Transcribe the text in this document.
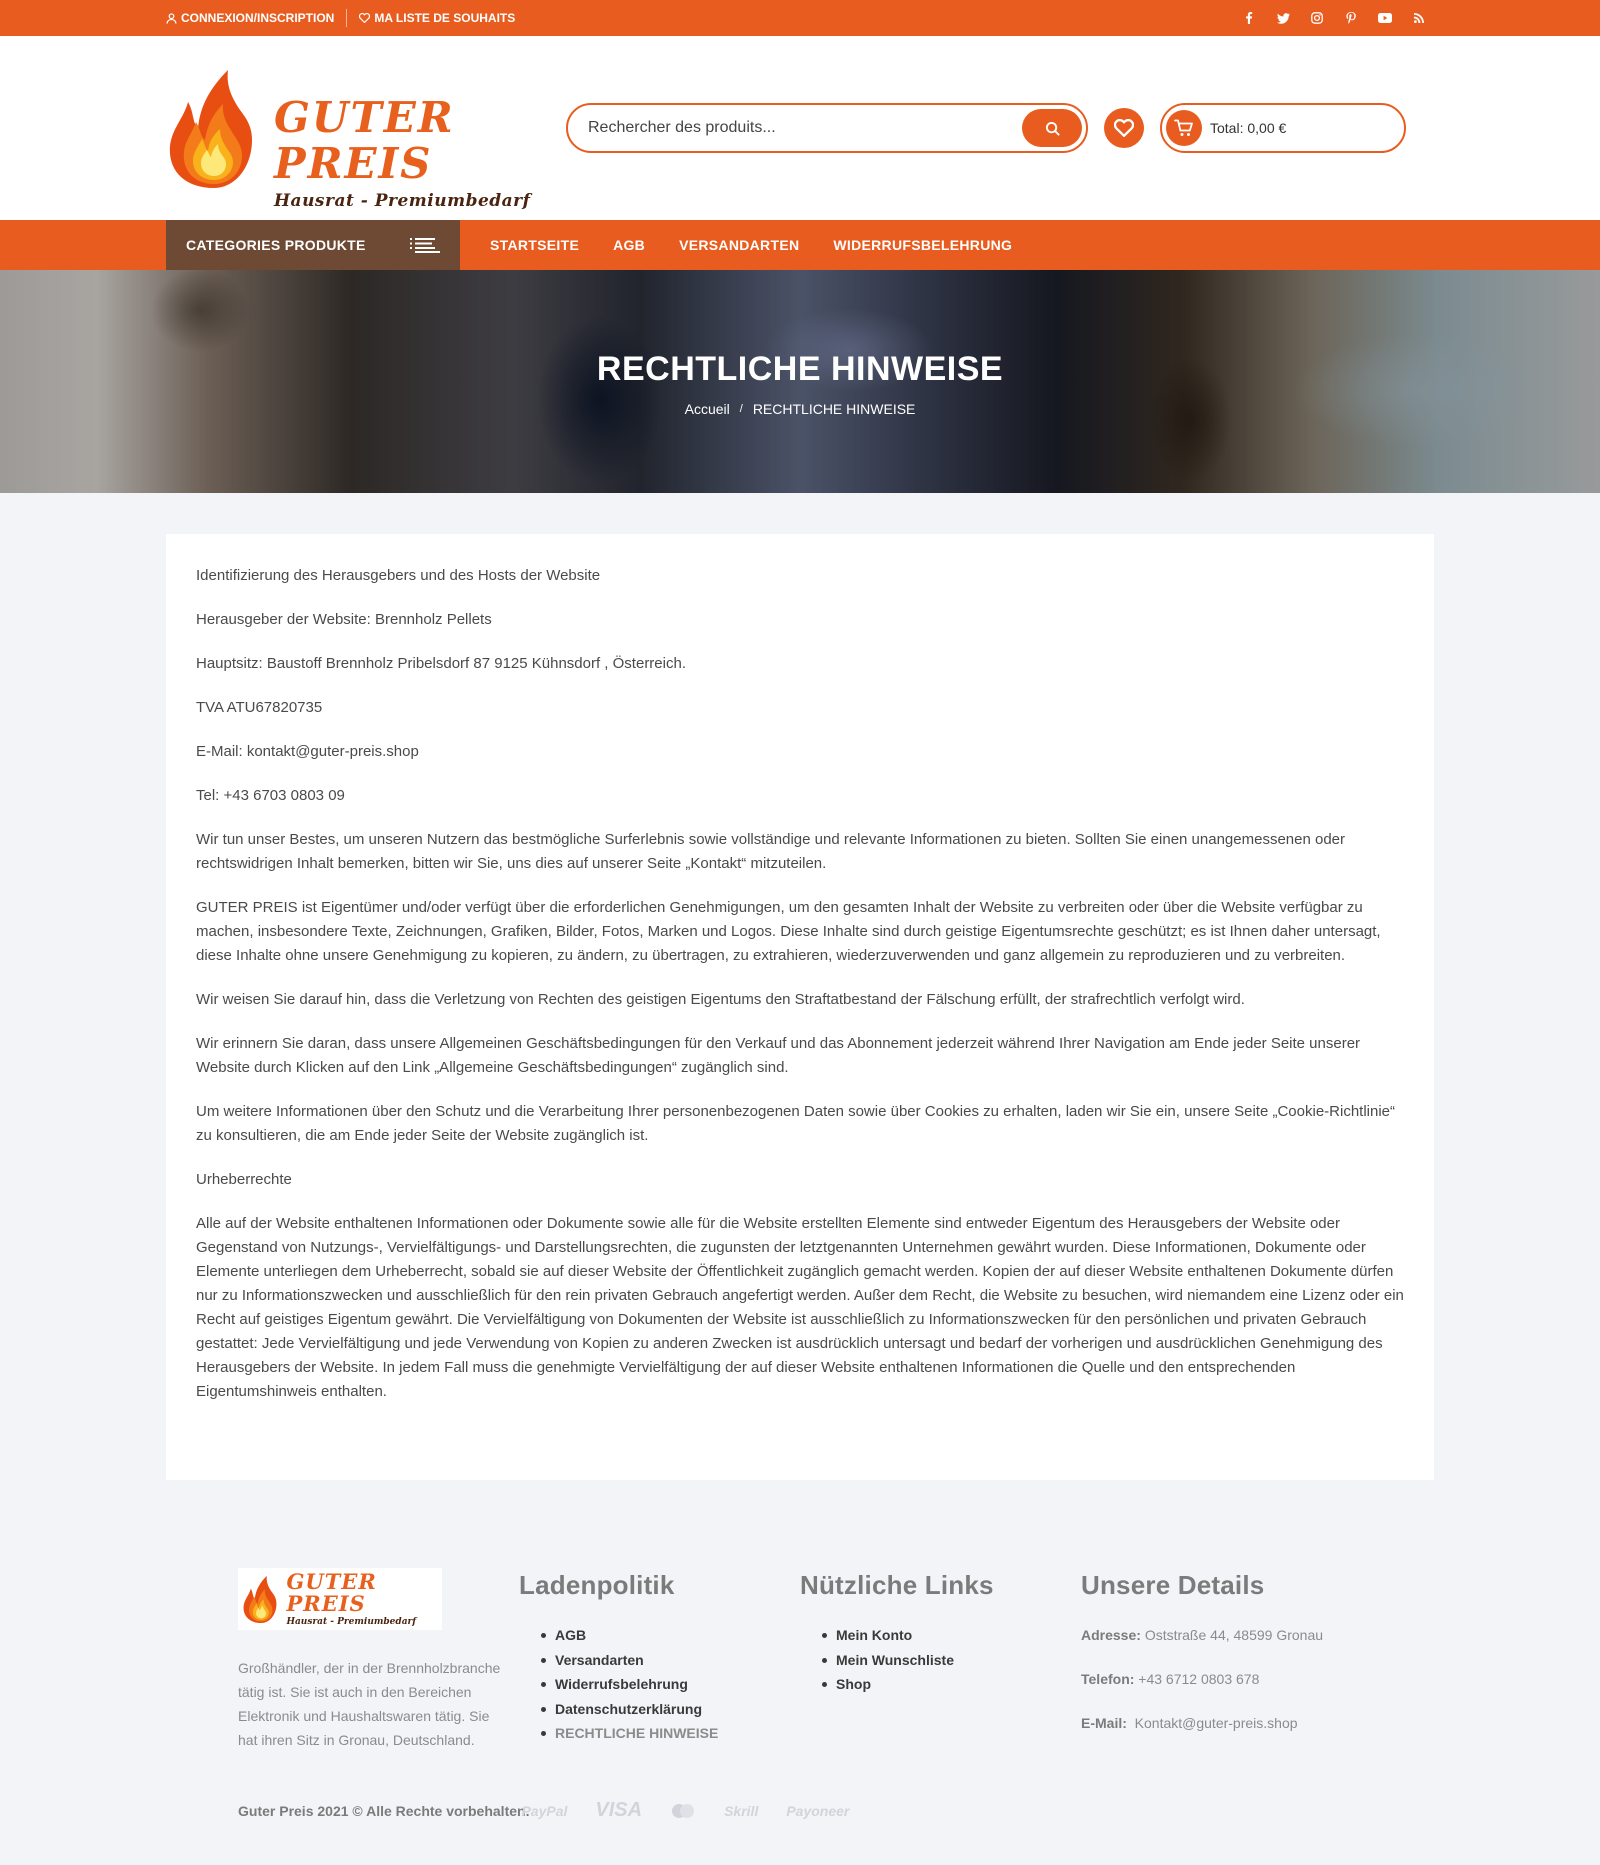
CONNEXION/INSCRIPTION	MA LISTE DE SOUHAITS
GUTER PREIS
Hausrat - Premiumbedarf
Rechercher des produits...
Total: 0,00 €
CATEGORIES PRODUKTE	STARTSEITE AGB VERSANDARTEN WIDERRUFSBELEHRUNG
RECHTLICHE HINWEISE
Accueil / RECHTLICHE HINWEISE

Identifizierung des Herausgebers und des Hosts der Website

Herausgeber der Website: Brennholz Pellets

Hauptsitz: Baustoff Brennholz Pribelsdorf 87 9125 Kühnsdorf , Österreich.

TVA ATU67820735

E-Mail: kontakt@guter-preis.shop

Tel: +43 6703 0803 09

Wir tun unser Bestes, um unseren Nutzern das bestmögliche Surferlebnis sowie vollständige und relevante Informationen zu bieten. Sollten Sie einen unangemessenen oder rechtswidrigen Inhalt bemerken, bitten wir Sie, uns dies auf unserer Seite „Kontakt“ mitzuteilen.

GUTER PREIS ist Eigentümer und/oder verfügt über die erforderlichen Genehmigungen, um den gesamten Inhalt der Website zu verbreiten oder über die Website verfügbar zu machen, insbesondere Texte, Zeichnungen, Grafiken, Bilder, Fotos, Marken und Logos. Diese Inhalte sind durch geistige Eigentumsrechte geschützt; es ist Ihnen daher untersagt, diese Inhalte ohne unsere Genehmigung zu kopieren, zu ändern, zu übertragen, zu extrahieren, wiederzuverwenden und ganz allgemein zu reproduzieren und zu verbreiten.

Wir weisen Sie darauf hin, dass die Verletzung von Rechten des geistigen Eigentums den Straftatbestand der Fälschung erfüllt, der strafrechtlich verfolgt wird.

Wir erinnern Sie daran, dass unsere Allgemeinen Geschäftsbedingungen für den Verkauf und das Abonnement jederzeit während Ihrer Navigation am Ende jeder Seite unserer Website durch Klicken auf den Link „Allgemeine Geschäftsbedingungen“ zugänglich sind.

Um weitere Informationen über den Schutz und die Verarbeitung Ihrer personenbezogenen Daten sowie über Cookies zu erhalten, laden wir Sie ein, unsere Seite „Cookie-Richtlinie“ zu konsultieren, die am Ende jeder Seite der Website zugänglich ist.

Urheberrechte

Alle auf der Website enthaltenen Informationen oder Dokumente sowie alle für die Website erstellten Elemente sind entweder Eigentum des Herausgebers der Website oder Gegenstand von Nutzungs-, Vervielfältigungs- und Darstellungsrechten, die zugunsten der letztgenannten Unternehmen gewährt wurden. Diese Informationen, Dokumente oder Elemente unterliegen dem Urheberrecht, sobald sie auf dieser Website der Öffentlichkeit zugänglich gemacht werden. Kopien der auf dieser Website enthaltenen Dokumente dürfen nur zu Informationszwecken und ausschließlich für den rein privaten Gebrauch angefertigt werden. Außer dem Recht, die Website zu besuchen, wird niemandem eine Lizenz oder ein Recht auf geistiges Eigentum gewährt. Die Vervielfältigung von Dokumenten der Website ist ausschließlich zu Informationszwecken für den persönlichen und privaten Gebrauch gestattet: Jede Vervielfältigung und jede Verwendung von Kopien zu anderen Zwecken ist ausdrücklich untersagt und bedarf der vorherigen und ausdrücklichen Genehmigung des Herausgebers der Website. In jedem Fall muss die genehmigte Vervielfältigung der auf dieser Website enthaltenen Informationen die Quelle und den entsprechenden Eigentumshinweis enthalten.

GUTER PREIS
Hausrat - Premiumbedarf

Großhändler, der in der Brennholzbranche tätig ist. Sie ist auch in den Bereichen Elektronik und Haushaltswaren tätig. Sie hat ihren Sitz in Gronau, Deutschland.

Ladenpolitik
AGB
Versandarten
Widerrufsbelehrung
Datenschutzerklärung
RECHTLICHE HINWEISE
Nützliche Links
Mein Konto
Mein Wunschliste
Shop
Unsere Details
Adresse: Oststraße 44, 48599 Gronau
Telefon: +43 6712 0803 678
E-Mail: Kontakt@guter-preis.shop
Guter Preis 2021 © Alle Rechte vorbehalten.
PayPal VISA	Skrill Payoneer
